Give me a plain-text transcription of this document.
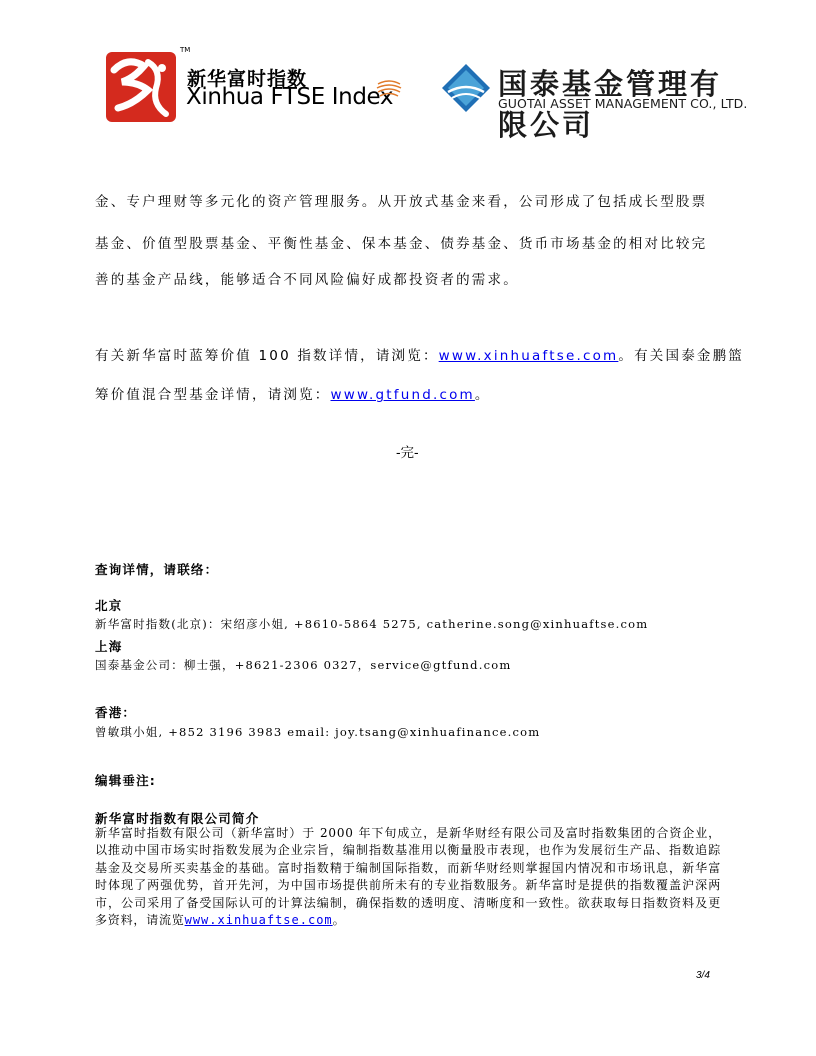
TM
新华富时指数
Xinhua FTSE Index	国泰基金管理有限公司
GUOTAI ASSET MANAGEMENT CO., LTD.
金、专户理财等多元化的资产管理服务。从开放式基金来看，公司形成了包括成长型股票
基金、价值型股票基金、平衡性基金、保本基金、债券基金、货币市场基金的相对比较完
善的基金产品线，能够适合不同风险偏好成都投资者的需求。
有关新华富时蓝筹价值 100 指数详情，请浏览：www.xinhuaftse.com。有关国泰金鹏篮
筹价值混合型基金详情，请浏览：www.gtfund.com。
-完-
查询详情，请联络：
北京
新华富时指数(北京)：宋绍彦小姐, +8610-5864 5275, catherine.song@xinhuaftse.com
上海
国泰基金公司：柳士强，+8621-2306 0327，service@gtfund.com
香港：
曾敏琪小姐, +852 3196 3983 email: joy.tsang@xinhuafinance.com
编辑垂注:
新华富时指数有限公司简介
新华富时指数有限公司（新华富时）于 2000 年下旬成立，是新华财经有限公司及富时指数集团的合资企业，以推动中国市场实时指数发展为企业宗旨，编制指数基准用以衡量股市表现，也作为发展衍生产品、指数追踪基金及交易所买卖基金的基础。富时指数精于编制国际指数，而新华财经则掌握国内情况和市场讯息，新华富时体现了两强优势，首开先河，为中国市场提供前所未有的专业指数服务。新华富时是提供的指数覆盖沪深两市，公司采用了备受国际认可的计算法编制，确保指数的透明度、清晰度和一致性。欲获取每日指数资料及更多资料，请流览www.xinhuaftse.com。
3/4
